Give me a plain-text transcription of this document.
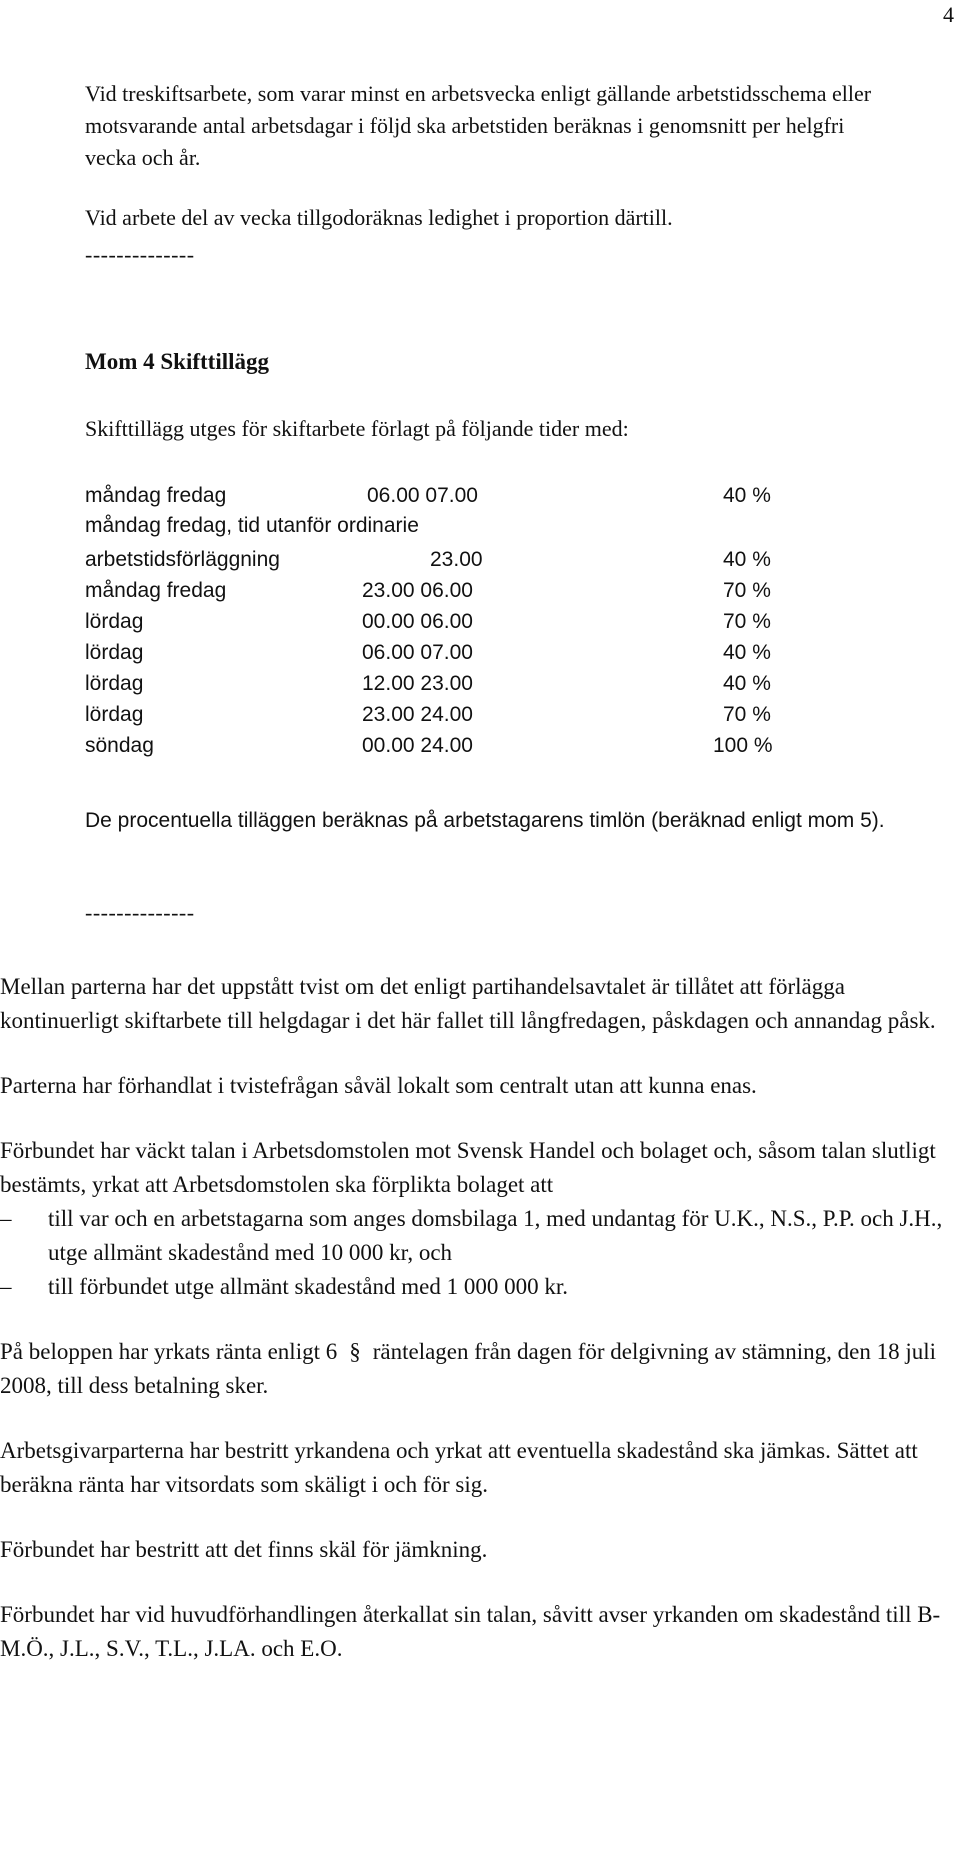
4

Vid treskiftsarbete, som varar minst en arbetsvecka enligt gällande arbetstidsschema eller motsvarande antal arbetsdagar i följd ska arbetstiden beräknas i genomsnitt per helgfri vecka och år.

Vid arbete del av vecka tillgodoräknas ledighet i proportion därtill.

--------------
Mom 4 Skifttillägg
Skifttillägg utges för skiftarbete förlagt på följande tider med:
måndag fredag	06.00 07.00	40 %
måndag fredag, tid utanför ordinarie
arbetstidsförläggning	23.00	40 %
måndag fredag	23.00 06.00	70 %
lördag	00.00 06.00	70 %
lördag	06.00 07.00	40 %
lördag	12.00 23.00	40 %
lördag	23.00 24.00	70 %
söndag	00.00 24.00	100 %
De procentuella tilläggen beräknas på arbetstagarens timlön (beräknad enligt mom 5).
--------------

Mellan parterna har det uppstått tvist om det enligt partihandelsavtalet är tillåtet att förlägga kontinuerligt skiftarbete till helgdagar i det här fallet till långfredagen, påskdagen och annandag påsk.

Parterna har förhandlat i tvistefrågan såväl lokalt som centralt utan att kunna enas.

Förbundet har väckt talan i Arbetsdomstolen mot Svensk Handel och bolaget och, såsom talan slutligt bestämts, yrkat att Arbetsdomstolen ska förplikta bolaget att

– till var och en arbetstagarna som anges domsbilaga 1, med undantag för U.K., N.S., P.P. och J.H., utge allmänt skadestånd med 10 000 kr, och
– till förbundet utge allmänt skadestånd med 1 000 000 kr.

På beloppen har yrkats ränta enligt 6 § räntelagen från dagen för delgivning av stämning, den 18 juli 2008, till dess betalning sker.

Arbetsgivarparterna har bestritt yrkandena och yrkat att eventuella skadestånd ska jämkas. Sättet att beräkna ränta har vitsordats som skäligt i och för sig.

Förbundet har bestritt att det finns skäl för jämkning.

Förbundet har vid huvudförhandlingen återkallat sin talan, såvitt avser yrkanden om skadestånd till B-M.Ö., J.L., S.V., T.L., J.LA. och E.O.
